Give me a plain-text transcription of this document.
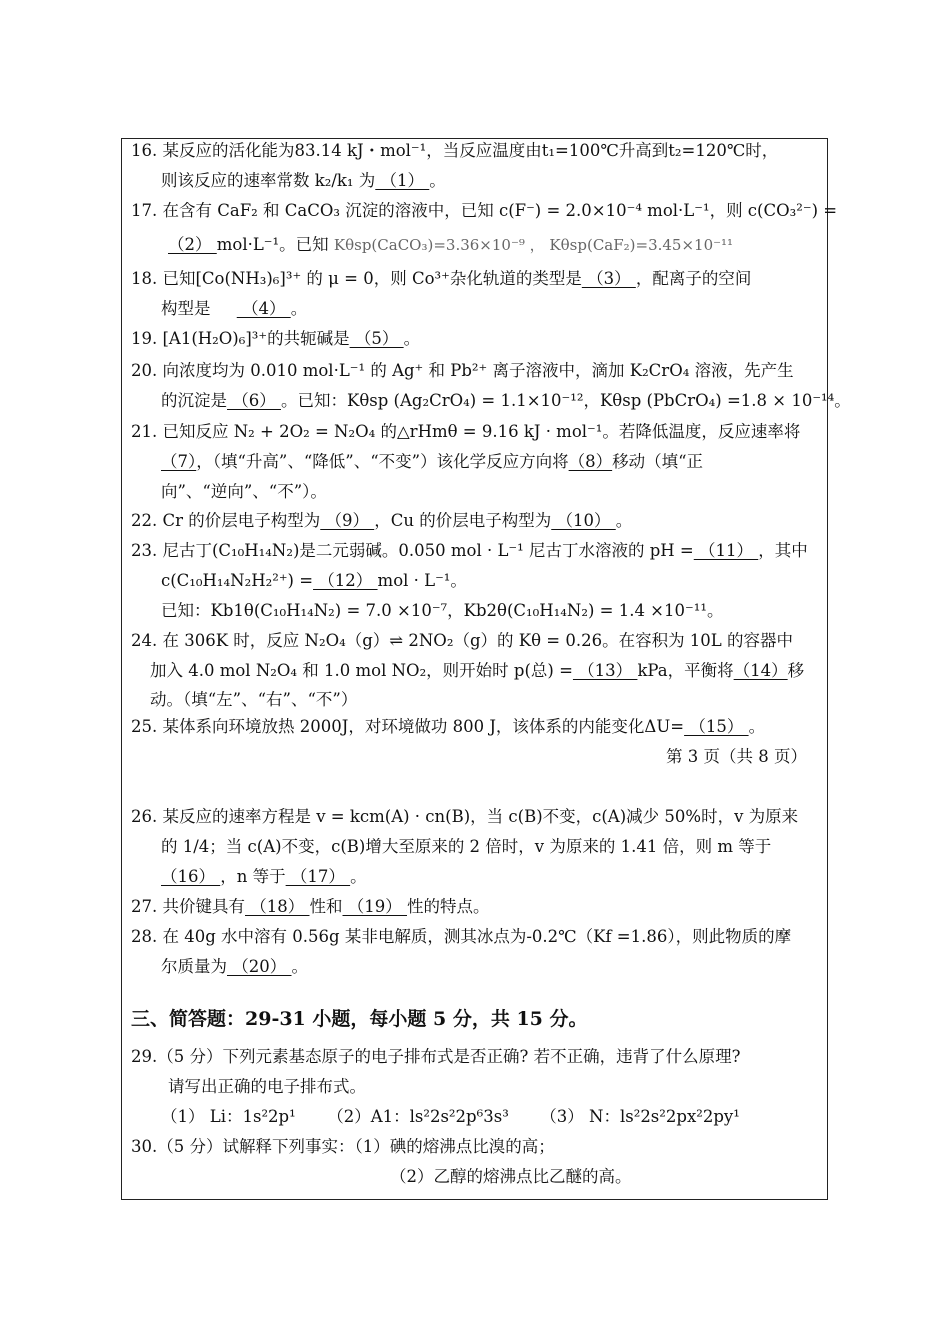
16. 某反应的活化能为83.14 kJ・mol⁻¹，当反应温度由t₁=100℃升高到t₂=120℃时，
则该反应的速率常数 k₂/k₁ 为 （1） 。
17. 在含有 CaF₂ 和 CaCO₃ 沉淀的溶液中，已知 c(F⁻) = 2.0×10⁻⁴ mol·L⁻¹，则 c(CO₃²⁻) =
（2） mol·L⁻¹。已知 Kθsp(CaCO₃)=3.36×10⁻⁹ ， Kθsp(CaF₂)=3.45×10⁻¹¹
18. 已知[Co(NH₃)₆]³⁺ 的 μ = 0，则 Co³⁺杂化轨道的类型是 （3） ，配离子的空间
构型是      （4） 。
19. [A1(H₂O)₆]³⁺的共轭碱是 （5） 。
20. 向浓度均为 0.010 mol·L⁻¹ 的 Ag⁺ 和 Pb²⁺ 离子溶液中，滴加 K₂CrO₄ 溶液，先产生
的沉淀是 （6） 。已知：Kθsp (Ag₂CrO₄) = 1.1×10⁻¹²，Kθsp (PbCrO₄) =1.8 × 10⁻¹⁴。
21. 已知反应 N₂ + 2O₂ = N₂O₄ 的△rHmθ = 9.16 kJ · mol⁻¹。若降低温度，反应速率将
（7），（填“升高”、“降低”、“不变”）该化学反应方向将（8）移动（填“正
向”、“逆向”、“不”）。
22. Cr 的价层电子构型为 （9） ，Cu 的价层电子构型为 （10） 。
23. 尼古丁(C₁₀H₁₄N₂)是二元弱碱。0.050 mol · L⁻¹ 尼古丁水溶液的 pH = （11） ，其中
c(C₁₀H₁₄N₂H₂²⁺) = （12） mol · L⁻¹。
已知：Kb1θ(C₁₀H₁₄N₂) = 7.0 ×10⁻⁷，Kb2θ(C₁₀H₁₄N₂) = 1.4 ×10⁻¹¹。
24. 在 306K 时，反应 N₂O₄（g）⇌ 2NO₂（g）的 Kθ = 0.26。在容积为 10L 的容器中
加入 4.0 mol N₂O₄ 和 1.0 mol NO₂，则开始时 p(总) = （13） kPa，平衡将（14）移
动。（填“左”、“右”、“不”）
25. 某体系向环境放热 2000J，对环境做功 800 J，该体系的内能变化ΔU= （15） 。
第 3 页（共 8 页）
26. 某反应的速率方程是 v = kcm(A) · cn(B)，当 c(B)不变，c(A)减少 50%时，v 为原来
的 1/4；当 c(A)不变，c(B)增大至原来的 2 倍时，v 为原来的 1.41 倍，则 m 等于
（16） ，n 等于 （17） 。
27. 共价键具有 （18） 性和 （19） 性的特点。
28. 在 40g 水中溶有 0.56g 某非电解质，测其冰点为-0.2℃（Kf =1.86），则此物质的摩
尔质量为 （20） 。
三、简答题：29-31 小题，每小题 5 分，共 15 分。
29.（5 分）下列元素基态原子的电子排布式是否正确? 若不正确，违背了什么原理?
请写出正确的电子排布式。
（1） Li：1s²2p¹      （2）A1：ls²2s²2p⁶3s³      （3） N：ls²2s²2px²2py¹
30.（5 分）试解释下列事实：（1）碘的熔沸点比溴的高；
（2）乙醇的熔沸点比乙醚的高。
